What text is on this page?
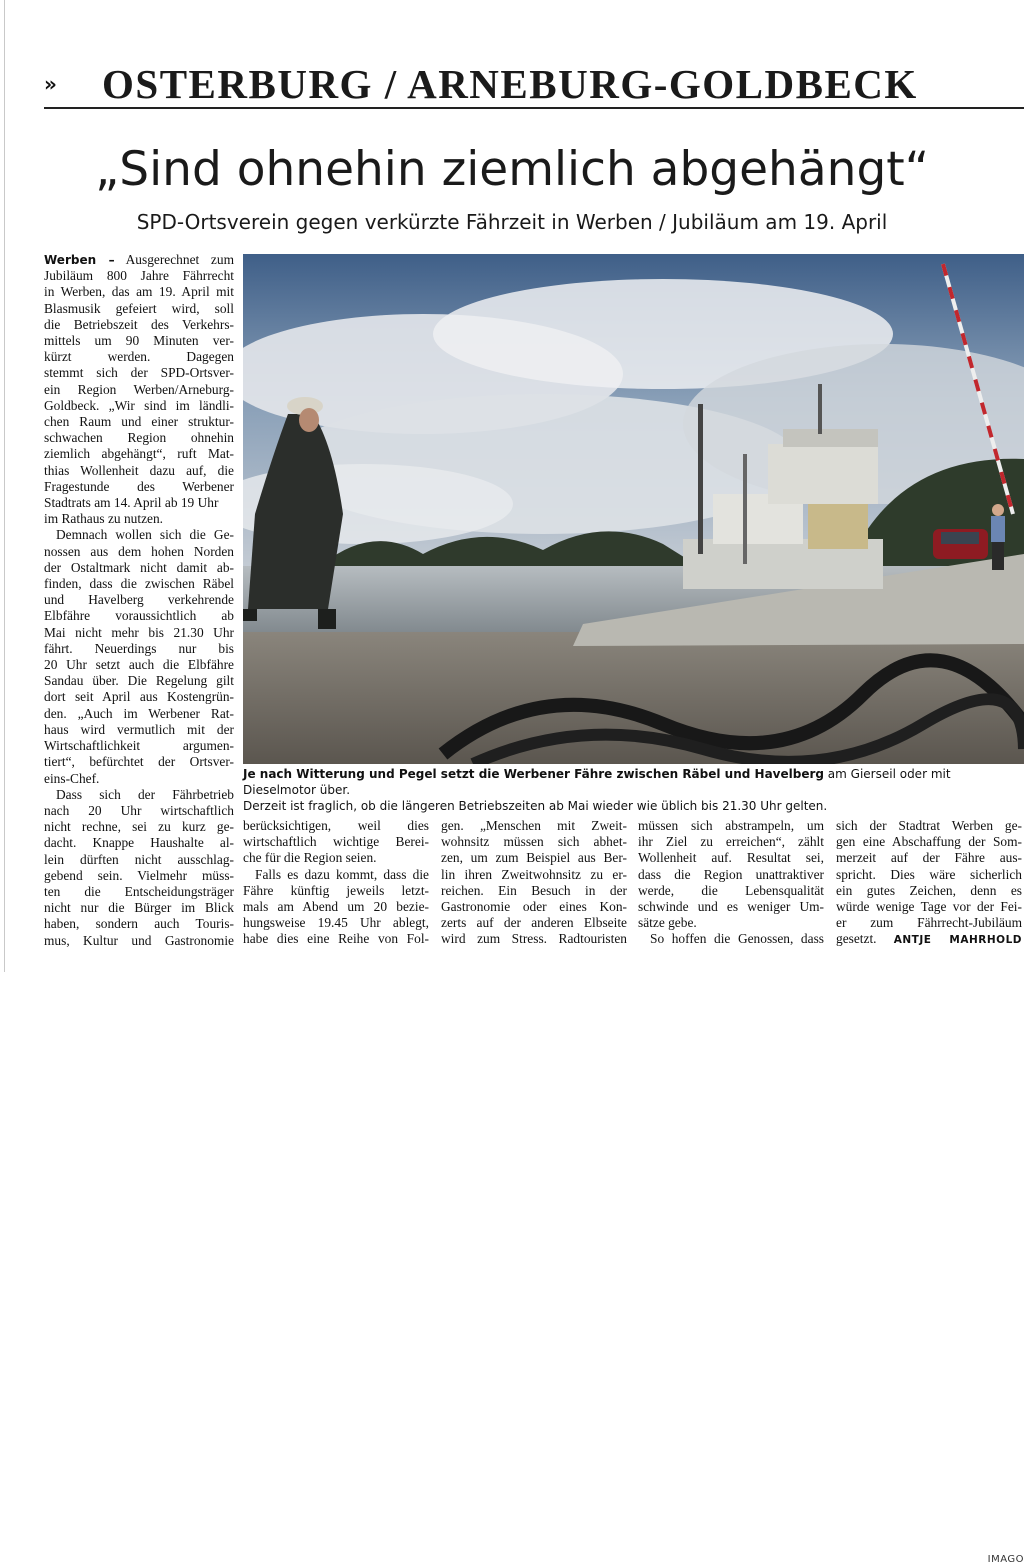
» OSTERBURG / ARNEBURG-GOLDBECK
„Sind ohnehin ziemlich abgehängt“
SPD-Ortsverein gegen verkürzte Fährzeit in Werben / Jubiläum am 19. April

Werben – Ausgerechnet zum
Jubiläum 800 Jahre Fährrecht
in Werben, das am 19. April mit
Blasmusik gefeiert wird, soll
die Betriebszeit des Verkehrs-
mittels um 90 Minuten ver-
kürzt werden. Dagegen
stemmt sich der SPD-Ortsver-
ein Region Werben/Arneburg-
Goldbeck. „Wir sind im ländli-
chen Raum und einer struktur-
schwachen Region ohnehin
ziemlich abgehängt“, ruft Mat-
thias Wollenheit dazu auf, die
Fragestunde des Werbener
Stadtrats am 14. April ab 19 Uhr
im Rathaus zu nutzen.

Demnach wollen sich die Ge-
nossen aus dem hohen Norden
der Ostaltmark nicht damit ab-
finden, dass die zwischen Räbel
und Havelberg verkehrende
Elbfähre voraussichtlich ab
Mai nicht mehr bis 21.30 Uhr
fährt. Neuerdings nur bis
20 Uhr setzt auch die Elbfähre
Sandau über. Die Regelung gilt
dort seit April aus Kostengrün-
den. „Auch im Werbener Rat-
haus wird vermutlich mit der
Wirtschaftlichkeit argumen-
tiert“, befürchtet der Ortsver-
eins-Chef.

Dass sich der Fährbetrieb
nach 20 Uhr wirtschaftlich
nicht rechne, sei zu kurz ge-
dacht. Knappe Haushalte al-
lein dürften nicht ausschlag-
gebend sein. Vielmehr müss-
ten die Entscheidungsträger
nicht nur die Bürger im Blick
haben, sondern auch Touris-
mus, Kultur und Gastronomie

Je nach Witterung und Pegel setzt die Werbener Fähre zwischen Räbel und Havelberg am Gierseil oder mit Dieselmotor über.
Derzeit ist fraglich, ob die längeren Betriebszeiten ab Mai wieder wie üblich bis 21.30 Uhr gelten.
IMAGO
berücksichtigen, weil dies
wirtschaftlich wichtige Berei-
che für die Region seien.
Falls es dazu kommt, dass die
Fähre künftig jeweils letzt-
mals am Abend um 20 bezie-
hungsweise 19.45 Uhr ablegt,
habe dies eine Reihe von Fol-
gen. „Menschen mit Zweit-
wohnsitz müssen sich abhet-
zen, um zum Beispiel aus Ber-
lin ihren Zweitwohnsitz zu er-
reichen. Ein Besuch in der
Gastronomie oder eines Kon-
zerts auf der anderen Elbseite
wird zum Stress. Radtouristen
müssen sich abstrampeln, um
ihr Ziel zu erreichen“, zählt
Wollenheit auf. Resultat sei,
dass die Region unattraktiver
werde, die Lebensqualität
schwinde und es weniger Um-
sätze gebe.
So hoffen die Genossen, dass
sich der Stadtrat Werben ge-
gen eine Abschaffung der Som-
merzeit auf der Fähre aus-
spricht. Dies wäre sicherlich
ein gutes Zeichen, denn es
würde wenige Tage vor der Fei-
er zum Fährrecht-Jubiläum
gesetzt. ANTJE MAHRHOLD
